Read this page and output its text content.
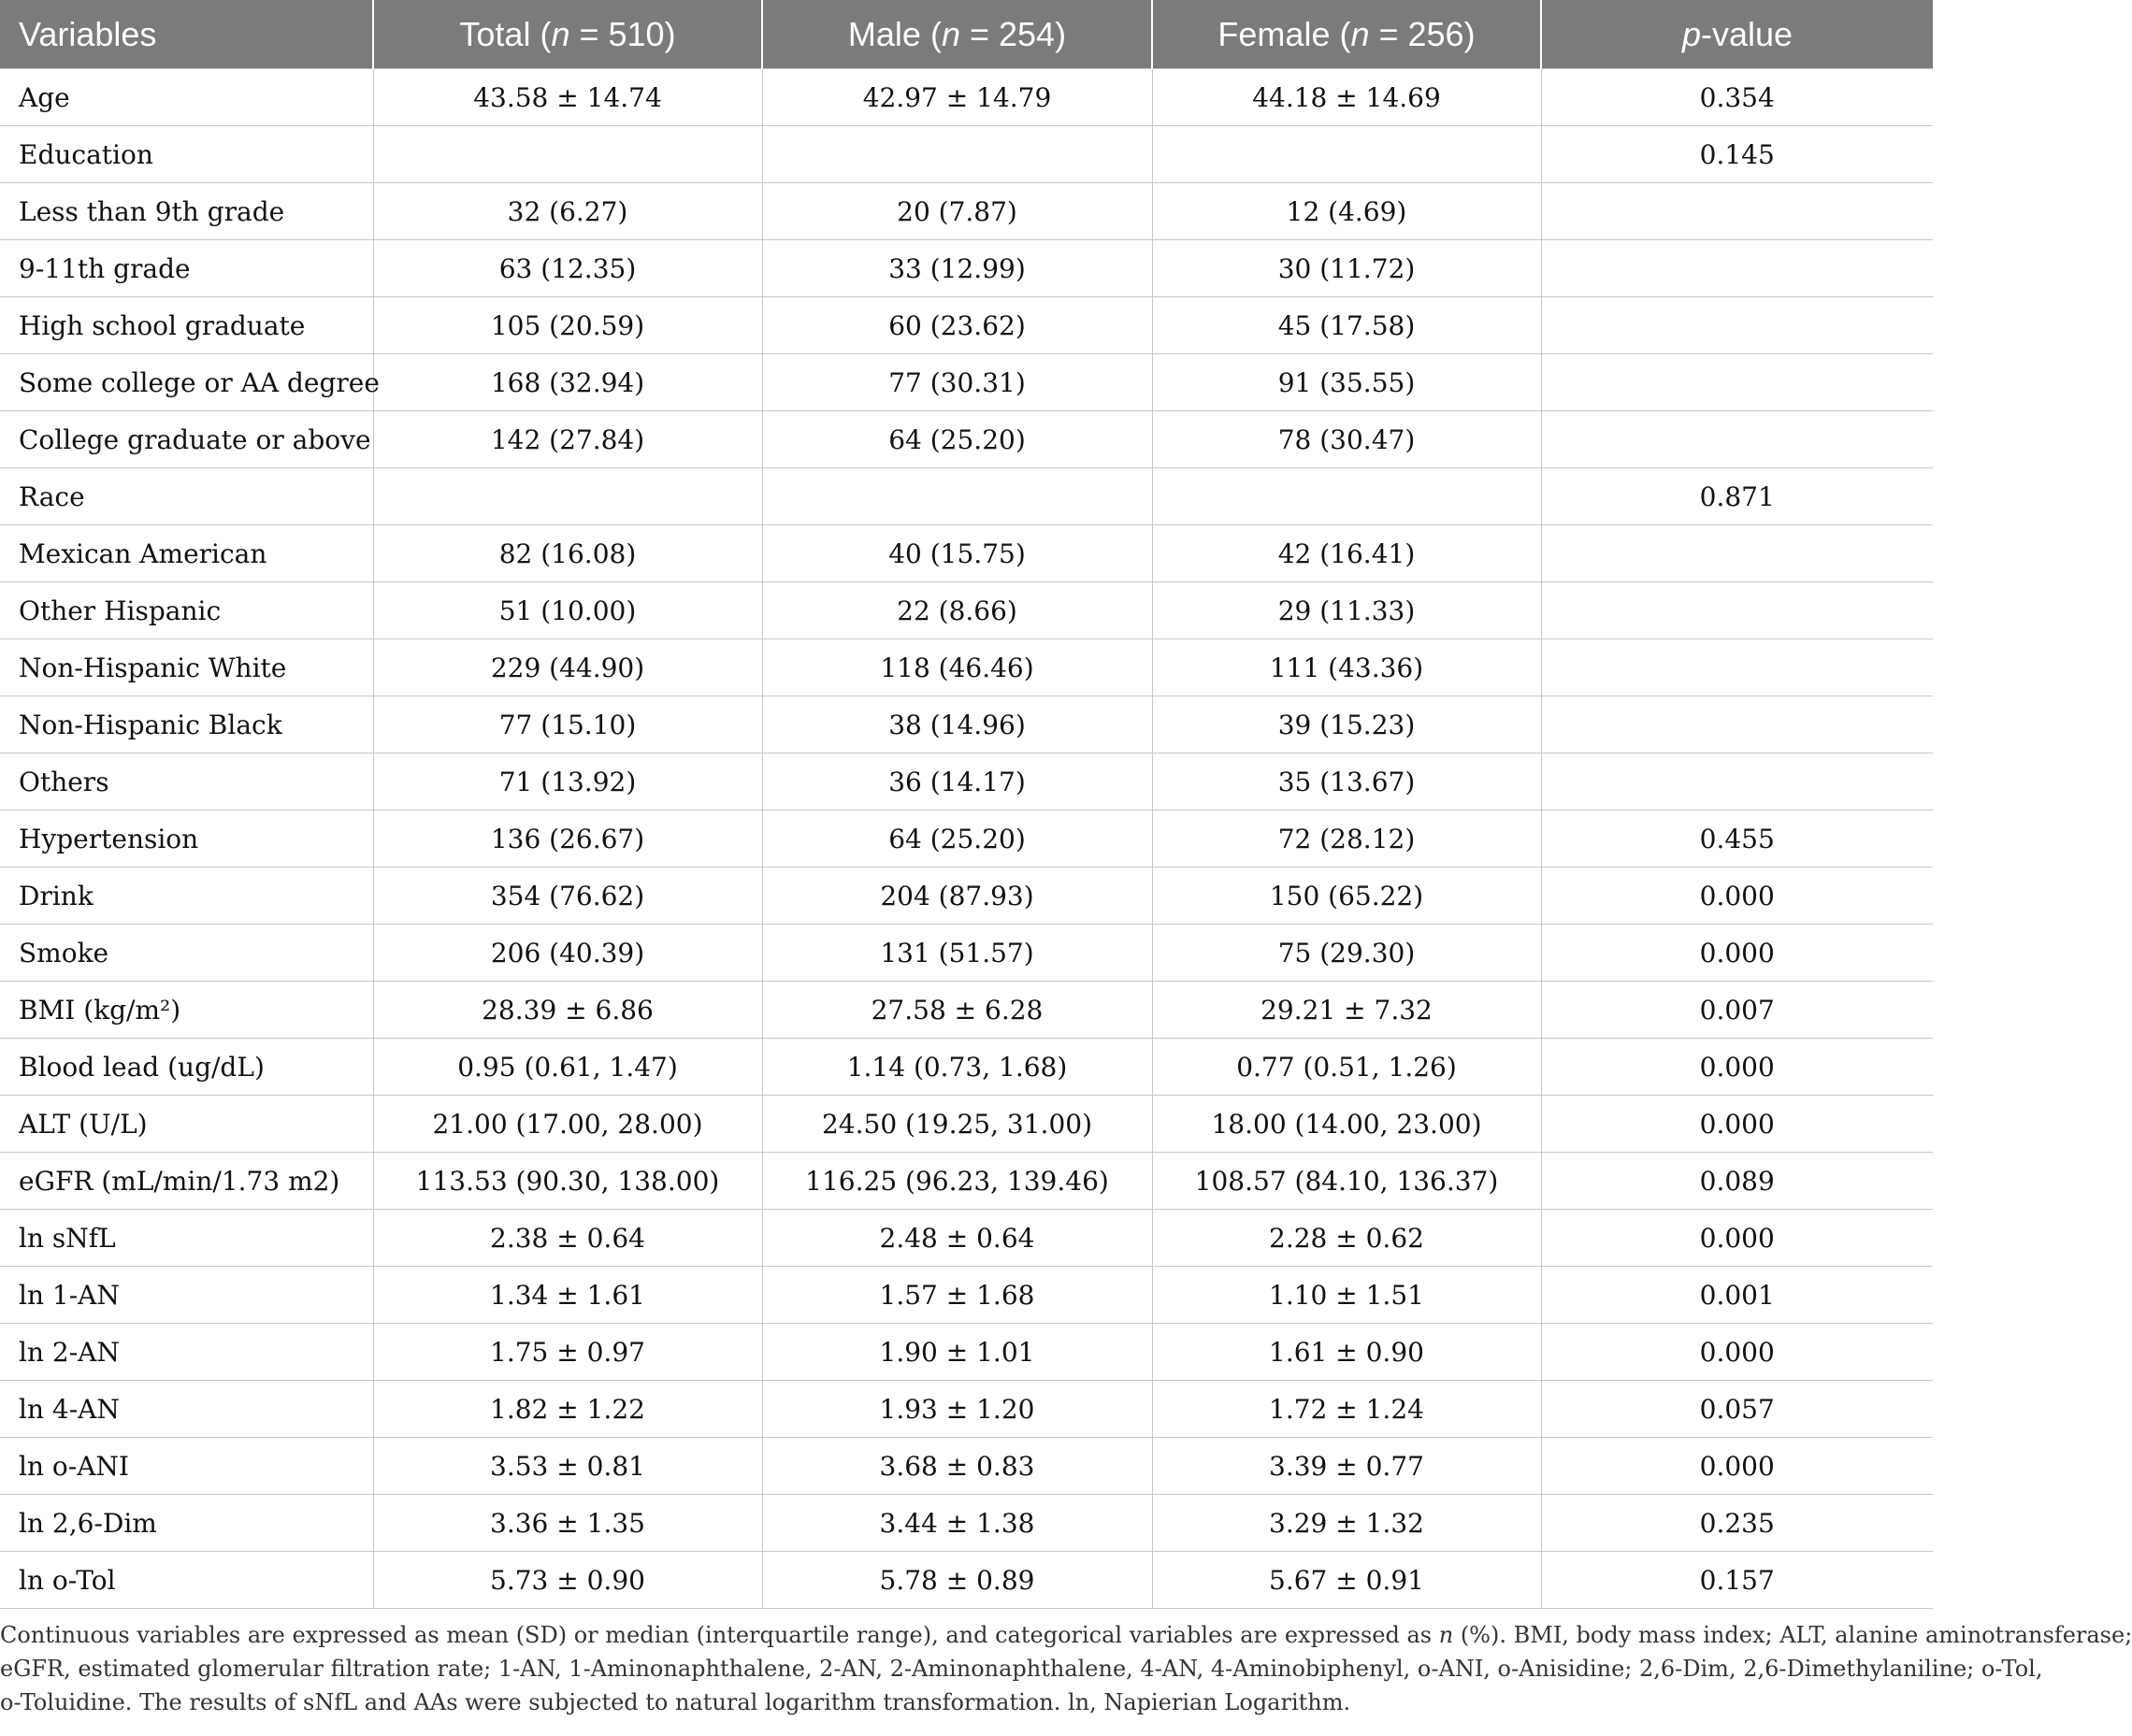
Variables	Total (n = 510)	Male (n = 254)	Female (n = 256)	p-value
Age	43.58 ± 14.74	42.97 ± 14.79	44.18 ± 14.69	0.354
Education				0.145
Less than 9th grade	32 (6.27)	20 (7.87)	12 (4.69)	
9-11th grade	63 (12.35)	33 (12.99)	30 (11.72)	
High school graduate	105 (20.59)	60 (23.62)	45 (17.58)	
Some college or AA degree	168 (32.94)	77 (30.31)	91 (35.55)	
College graduate or above	142 (27.84)	64 (25.20)	78 (30.47)	
Race				0.871
Mexican American	82 (16.08)	40 (15.75)	42 (16.41)	
Other Hispanic	51 (10.00)	22 (8.66)	29 (11.33)	
Non-Hispanic White	229 (44.90)	118 (46.46)	111 (43.36)	
Non-Hispanic Black	77 (15.10)	38 (14.96)	39 (15.23)	
Others	71 (13.92)	36 (14.17)	35 (13.67)	
Hypertension	136 (26.67)	64 (25.20)	72 (28.12)	0.455
Drink	354 (76.62)	204 (87.93)	150 (65.22)	0.000
Smoke	206 (40.39)	131 (51.57)	75 (29.30)	0.000
BMI (kg/m²)	28.39 ± 6.86	27.58 ± 6.28	29.21 ± 7.32	0.007
Blood lead (ug/dL)	0.95 (0.61, 1.47)	1.14 (0.73, 1.68)	0.77 (0.51, 1.26)	0.000
ALT (U/L)	21.00 (17.00, 28.00)	24.50 (19.25, 31.00)	18.00 (14.00, 23.00)	0.000
eGFR (mL/min/1.73 m2)	113.53 (90.30, 138.00)	116.25 (96.23, 139.46)	108.57 (84.10, 136.37)	0.089
ln sNfL	2.38 ± 0.64	2.48 ± 0.64	2.28 ± 0.62	0.000
ln 1-AN	1.34 ± 1.61	1.57 ± 1.68	1.10 ± 1.51	0.001
ln 2-AN	1.75 ± 0.97	1.90 ± 1.01	1.61 ± 0.90	0.000
ln 4-AN	1.82 ± 1.22	1.93 ± 1.20	1.72 ± 1.24	0.057
ln o-ANI	3.53 ± 0.81	3.68 ± 0.83	3.39 ± 0.77	0.000
ln 2,6-Dim	3.36 ± 1.35	3.44 ± 1.38	3.29 ± 1.32	0.235
ln o-Tol	5.73 ± 0.90	5.78 ± 0.89	5.67 ± 0.91	0.157
Continuous variables are expressed as mean (SD) or median (interquartile range), and categorical variables are expressed as n (%). BMI, body mass index; ALT, alanine aminotransferase;
eGFR, estimated glomerular filtration rate; 1-AN, 1-Aminonaphthalene, 2-AN, 2-Aminonaphthalene, 4-AN, 4-Aminobiphenyl, o-ANI, o-Anisidine; 2,6-Dim, 2,6-Dimethylaniline; o-Tol,
o-Toluidine. The results of sNfL and AAs were subjected to natural logarithm transformation. ln, Napierian Logarithm.
